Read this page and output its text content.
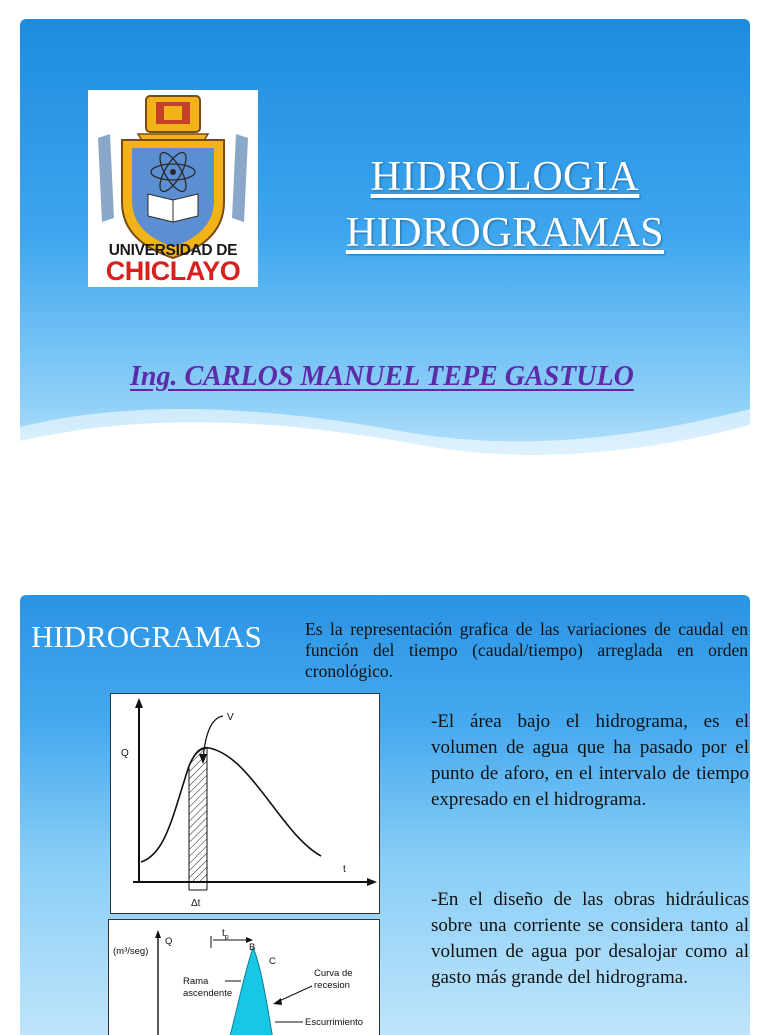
UNIVERSIDAD DE
CHICLAYO
HIDROLOGIA
HIDROGRAMAS
Ing. CARLOS MANUEL TEPE GASTULO
HIDROGRAMAS Es la representación grafica de las variaciones de caudal en función del tiempo (caudal/tiempo) arreglada en orden cronológico.
V
Q
t
Δt
(m³/seg)
Q
$t_p$
B
C
Rama
ascendente
Curva de
recesion
Escurrimiento
-El área bajo el hidrograma, es el volumen de agua que ha pasado por el punto de aforo, en el intervalo de tiempo expresado en el hidrograma.
-En el diseño de las obras hidráulicas sobre una corriente se considera tanto al volumen de agua por desalojar como al gasto más grande del hidrograma.
